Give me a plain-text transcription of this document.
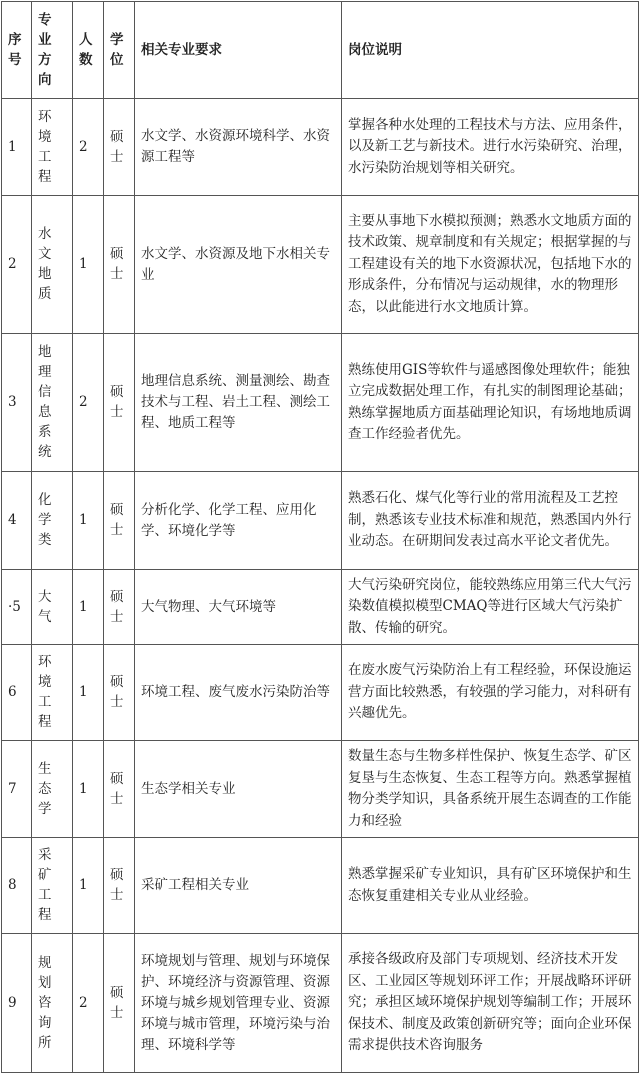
序号	专业方向	人数	学位	相关专业要求	岗位说明
1	环境工程	2	硕士	水文学、水资源环境科学、水资源工程等	掌握各种水处理的工程技术与方法、应用条件，以及新工艺与新技术。进行水污染研究、治理，水污染防治规划等相关研究。
2	水文地质	1	硕士	水文学、水资源及地下水相关专业	主要从事地下水模拟预测；熟悉水文地质方面的技术政策、规章制度和有关规定；根据掌握的与工程建设有关的地下水资源状况，包括地下水的形成条件，分布情况与运动规律，水的物理形态，以此能进行水文地质计算。
3	地理信息系统	2	硕士	地理信息系统、测量测绘、勘查技术与工程、岩土工程、测绘工程、地质工程等	熟练使用GIS等软件与遥感图像处理软件；能独立完成数据处理工作，有扎实的制图理论基础；熟练掌握地质方面基础理论知识，有场地地质调查工作经验者优先。
4	化学类	1	硕士	分析化学、化学工程、应用化学、环境化学等	熟悉石化、煤气化等行业的常用流程及工艺控制，熟悉该专业技术标准和规范，熟悉国内外行业动态。在研期间发表过高水平论文者优先。
·5	大气	1	硕士	大气物理、大气环境等	大气污染研究岗位，能较熟练应用第三代大气污染数值模拟模型CMAQ等进行区域大气污染扩散、传输的研究。
6	环境工程	1	硕士	环境工程、废气废水污染防治等	在废水废气污染防治上有工程经验，环保设施运营方面比较熟悉，有较强的学习能力，对科研有兴趣优先。
7	生态学	1	硕士	生态学相关专业	数量生态与生物多样性保护、恢复生态学、矿区复垦与生态恢复、生态工程等方向。熟悉掌握植物分类学知识，具备系统开展生态调查的工作能力和经验
8	采矿工程	1	硕士	采矿工程相关专业	熟悉掌握采矿专业知识，具有矿区环境保护和生态恢复重建相关专业从业经验。
9	规划咨询所	2	硕士	环境规划与管理、规划与环境保护、环境经济与资源管理、资源环境与城乡规划管理专业、资源环境与城市管理，环境污染与治理、环境科学等	承接各级政府及部门专项规划、经济技术开发区、工业园区等规划环评工作；开展战略环评研究；承担区域环境保护规划等编制工作；开展环保技术、制度及政策创新研究等；面向企业环保需求提供技术咨询服务
